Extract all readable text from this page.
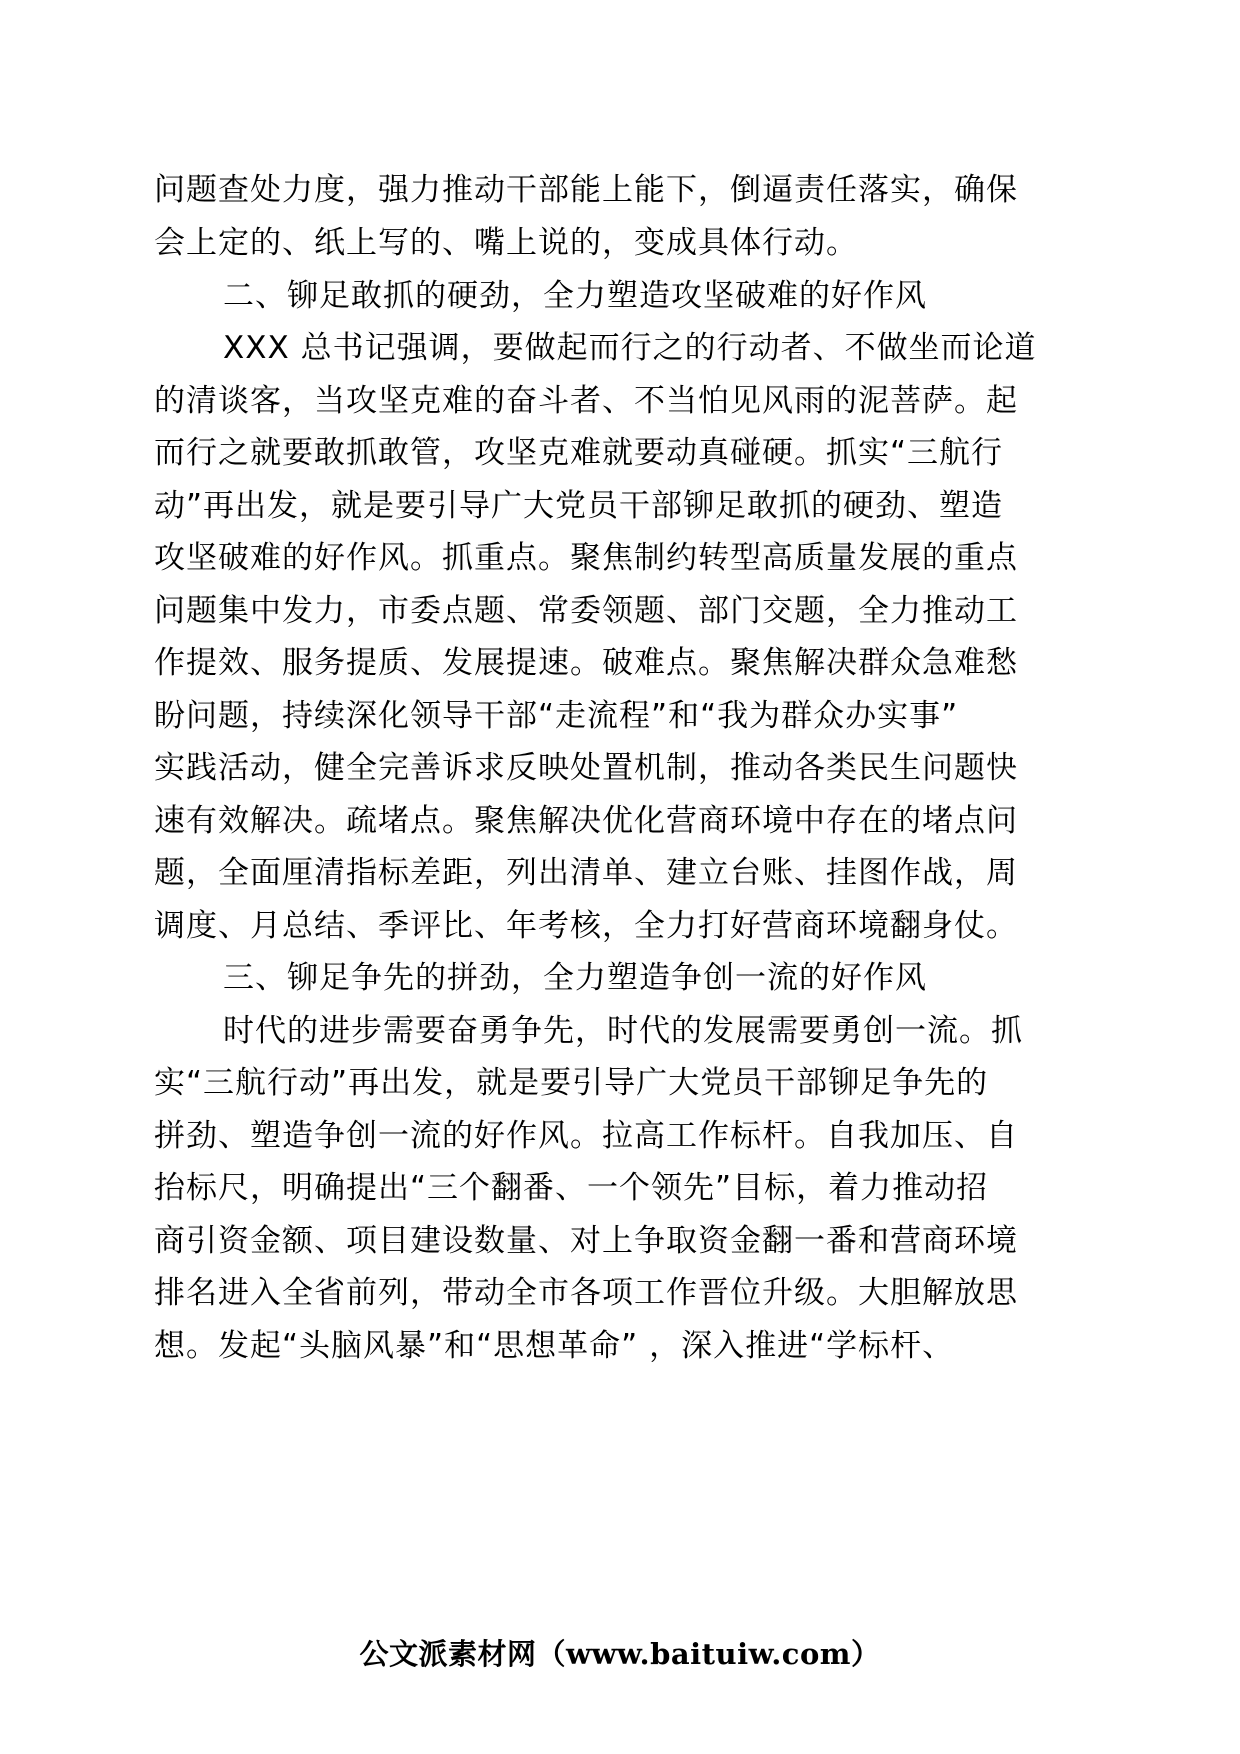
问题查处力度，强力推动干部能上能下，倒逼责任落实，确保
会上定的、纸上写的、嘴上说的，变成具体行动。
二、铆足敢抓的硬劲，全力塑造攻坚破难的好作风
XXX 总书记强调，要做起而行之的行动者、不做坐而论道
的清谈客，当攻坚克难的奋斗者、不当怕见风雨的泥菩萨。起
而行之就要敢抓敢管，攻坚克难就要动真碰硬。抓实“三航行
动”再出发，就是要引导广大党员干部铆足敢抓的硬劲、塑造
攻坚破难的好作风。抓重点。聚焦制约转型高质量发展的重点
问题集中发力，市委点题、常委领题、部门交题，全力推动工
作提效、服务提质、发展提速。破难点。聚焦解决群众急难愁
盼问题，持续深化领导干部“走流程”和“我为群众办实事”
实践活动，健全完善诉求反映处置机制，推动各类民生问题快
速有效解决。疏堵点。聚焦解决优化营商环境中存在的堵点问
题，全面厘清指标差距，列出清单、建立台账、挂图作战，周
调度、月总结、季评比、年考核，全力打好营商环境翻身仗。
三、铆足争先的拼劲，全力塑造争创一流的好作风
时代的进步需要奋勇争先，时代的发展需要勇创一流。抓
实“三航行动”再出发，就是要引导广大党员干部铆足争先的
拼劲、塑造争创一流的好作风。拉高工作标杆。自我加压、自
抬标尺，明确提出“三个翻番、一个领先”目标，着力推动招
商引资金额、项目建设数量、对上争取资金翻一番和营商环境
排名进入全省前列，带动全市各项工作晋位升级。大胆解放思
想。发起“头脑风暴”和“思想革命” ，深入推进“学标杆、
公文派素材网（www.baituiw.com）
